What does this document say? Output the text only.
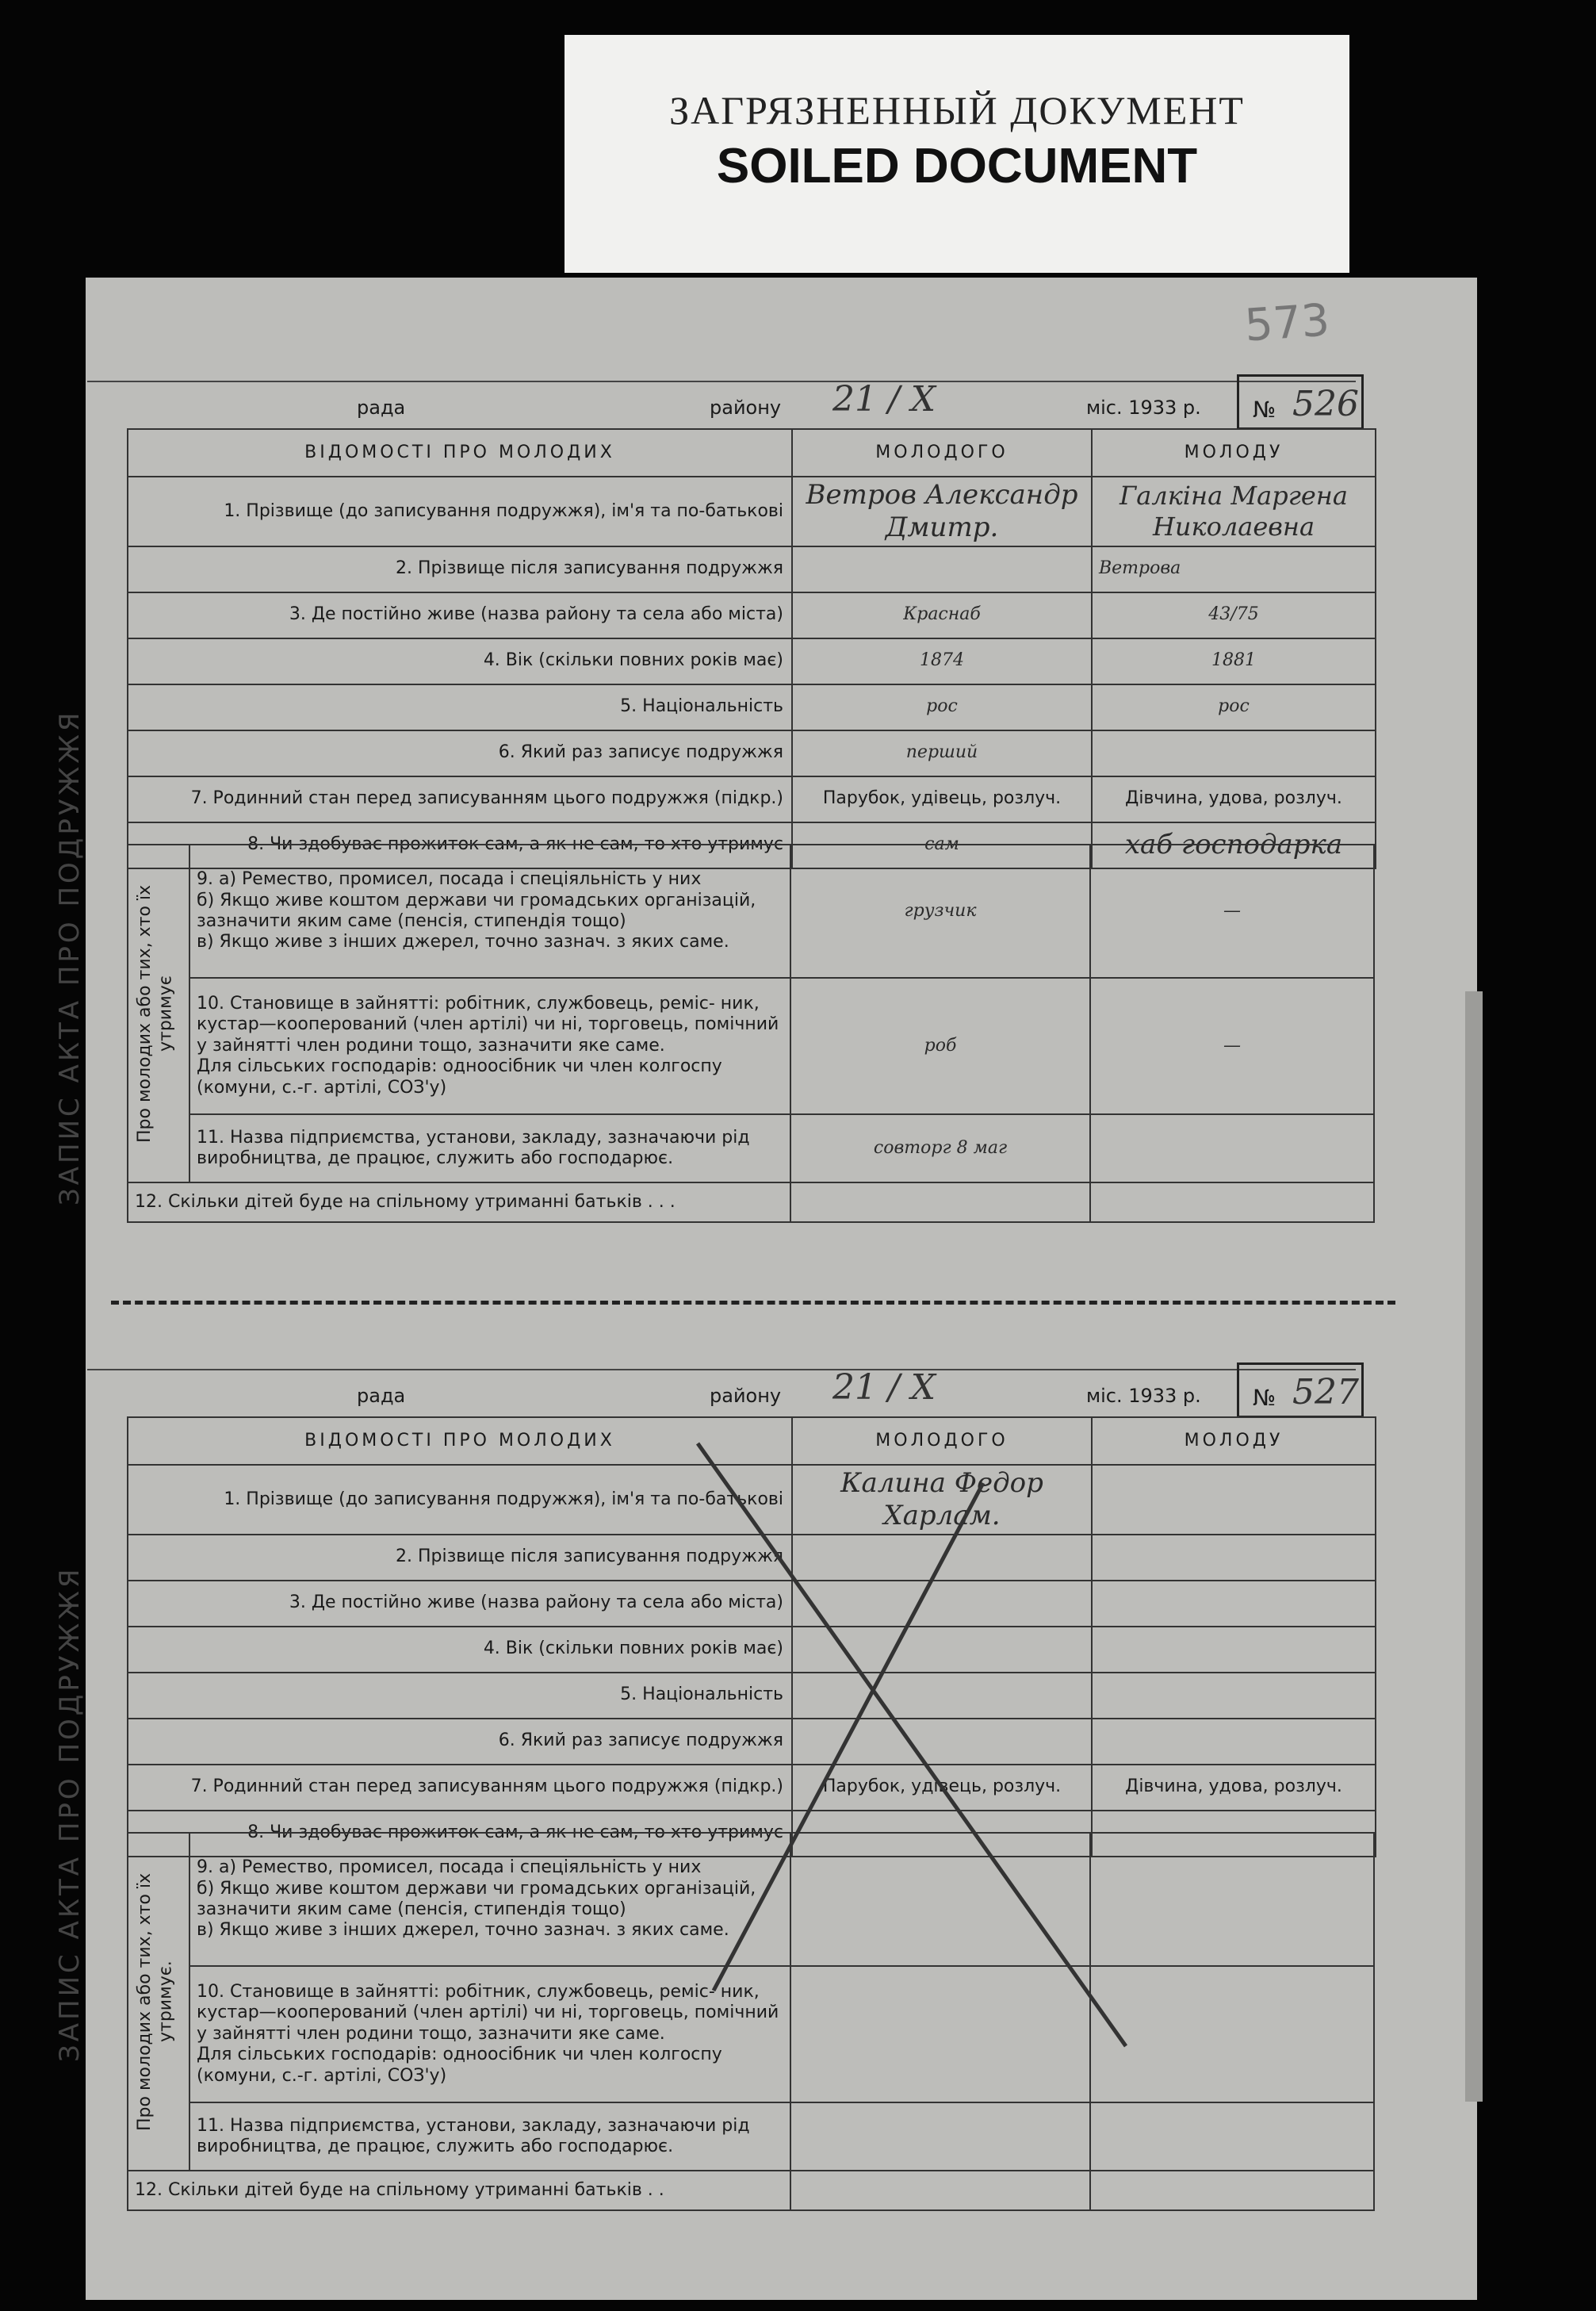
ЗАГРЯЗНЕННЫЙ ДОКУМЕНТ
SOILED DOCUMENT
573
ЗАПИС АКТА ПРО ПОДРУЖЖЯ
ЗАПИС АКТА ПРО ПОДРУЖЖЯ
рада	району 21 / X	міс. 1933 р. № 526
ВІДОМОСТІ ПРО МОЛОДИХ	МОЛОДОГО	МОЛОДУ
1. Прізвище (до записування подружжя), ім'я та по-батькові	Ветров Александр Дмитр.	Галкіна Маргена Николаевна
2. Прізвище після записування подружжя		Ветрова
3. Де постійно живе (назва району та села або міста)	Краснаб	43/75
4. Вік (скільки повних років має)	1874	1881
5. Національність	рос	рос
6. Який раз записує подружжя	перший	
7. Родинний стан перед записуванням цього подружжя (підкр.)	Парубок, удівець, розлуч.	Дівчина, удова, розлуч.
8. Чи здобуває прожиток сам, а як не сам, то хто утримує	сам	хаб господарка
Про молодих або тих, хто їх утримує	9. а) Ремество, промисел, посада і спеціяльність у них
б) Якщо живе коштом держави чи громадських організацій, зазначити яким саме (пенсія, стипендія тощо)
в) Якщо живе з інших джерел, точно зазнач. з яких саме.	грузчик	—
	10. Становище в зайнятті: робітник, службовець, реміс- ник, кустар—кооперований (член артілі) чи ні, торговець, помічний у зайнятті член родини тощо, зазначити яке саме.
Для сільських господарів: одноосібник чи член колгоспу (комуни, с.-г. артілі, СОЗ'у)	роб	—
	11. Назва підприємства, установи, закладу, зазначаючи рід виробництва, де працює, служить або господарює.	совторг 8 маг	
12. Скільки дітей буде на спільному утриманні батьків . . .			
рада	району 21 / X	міс. 1933 р. № 527
ВІДОМОСТІ ПРО МОЛОДИХ	МОЛОДОГО	МОЛОДУ
1. Прізвище (до записування подружжя), ім'я та по-батькові	Калина Федор Харлам.	
2. Прізвище після записування подружжя		
3. Де постійно живе (назва району та села або міста)		
4. Вік (скільки повних років має)		
5. Національність		
6. Який раз записує подружжя		
7. Родинний стан перед записуванням цього подружжя (підкр.)	Парубок, удівець, розлуч.	Дівчина, удова, розлуч.
8. Чи здобуває прожиток сам, а як не сам, то хто утримує		
Про молодих або тих, хто їх утримує.	9. а) Ремество, промисел, посада і спеціяльність у них
б) Якщо живе коштом держави чи громадських організацій, зазначити яким саме (пенсія, стипендія тощо)
в) Якщо живе з інших джерел, точно зазнач. з яких саме.		
	10. Становище в зайнятті: робітник, службовець, реміс- ник, кустар—кооперований (член артілі) чи ні, торговець, помічний у зайнятті член родини тощо, зазначити яке саме.
Для сільських господарів: одноосібник чи член колгоспу (комуни, с.-г. артілі, СОЗ'у)		
	11. Назва підприємства, установи, закладу, зазначаючи рід виробництва, де працює, служить або господарює.		
12. Скільки дітей буде на спільному утриманні батьків . .			
